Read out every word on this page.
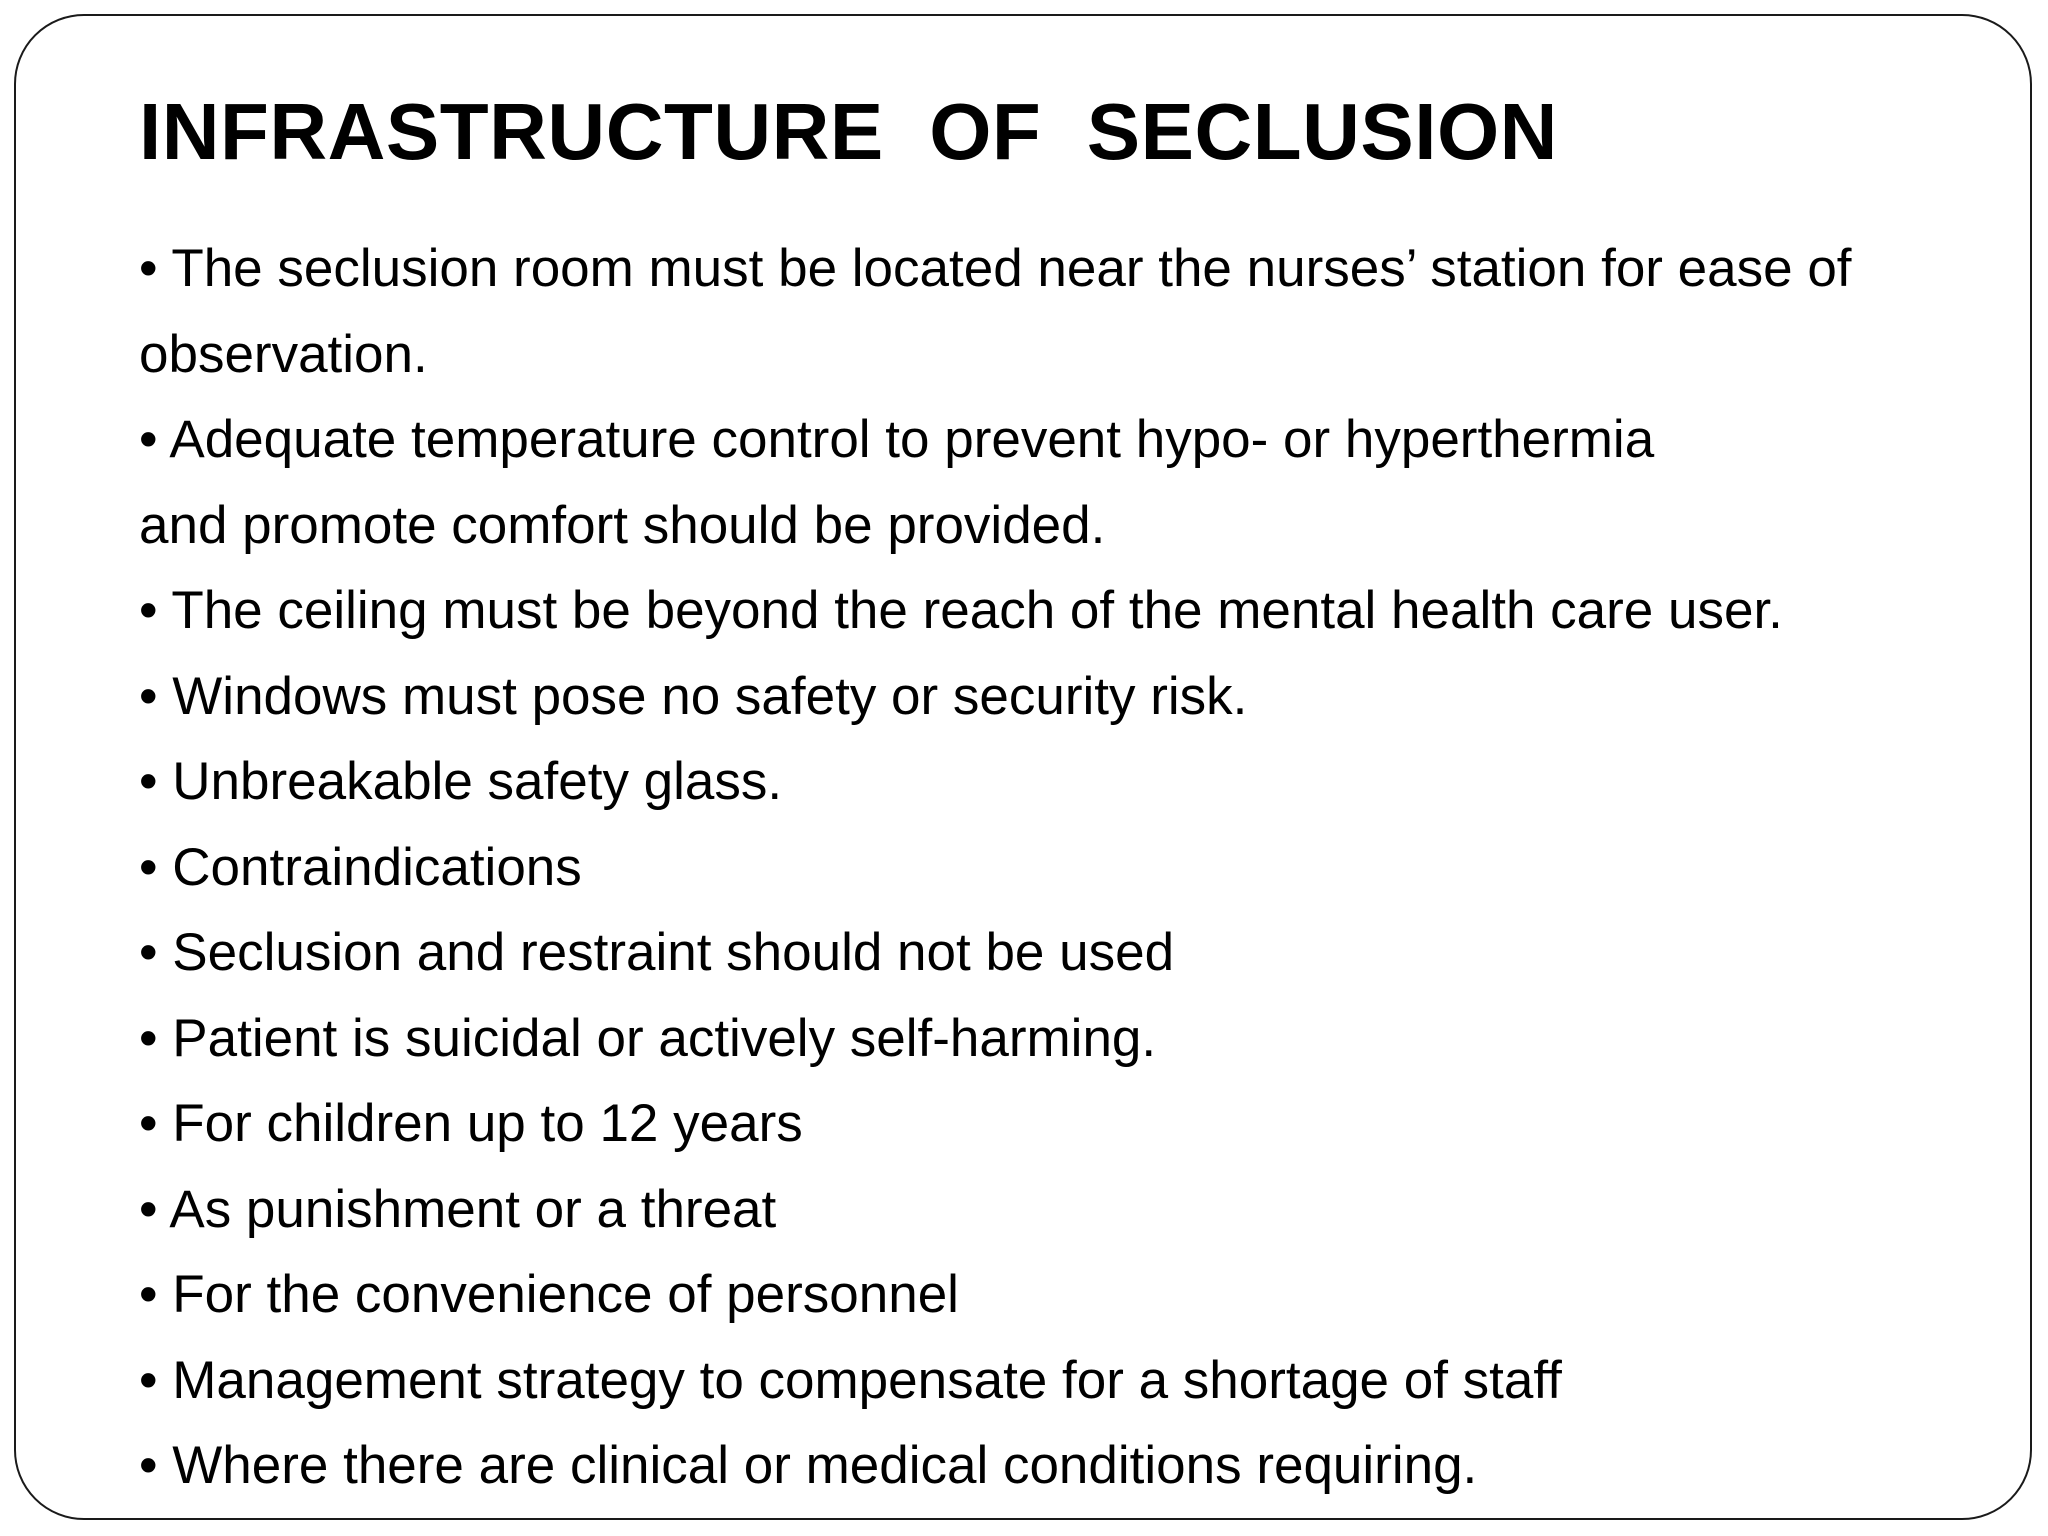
INFRASTRUCTURE  OF  SECLUSION
• The seclusion room must be located near the nurses’ station for ease of
observation.
• Adequate temperature control to prevent hypo- or hyperthermia
and promote comfort should be provided.
• The ceiling must be beyond the reach of the mental health care user.
• Windows must pose no safety or security risk.
• Unbreakable safety glass.
• Contraindications
• Seclusion and restraint should not be used
• Patient is suicidal or actively self-harming.
• For children up to 12 years
• As punishment or a threat
• For the convenience of personnel
• Management strategy to compensate for a shortage of staff
• Where there are clinical or medical conditions requiring.
